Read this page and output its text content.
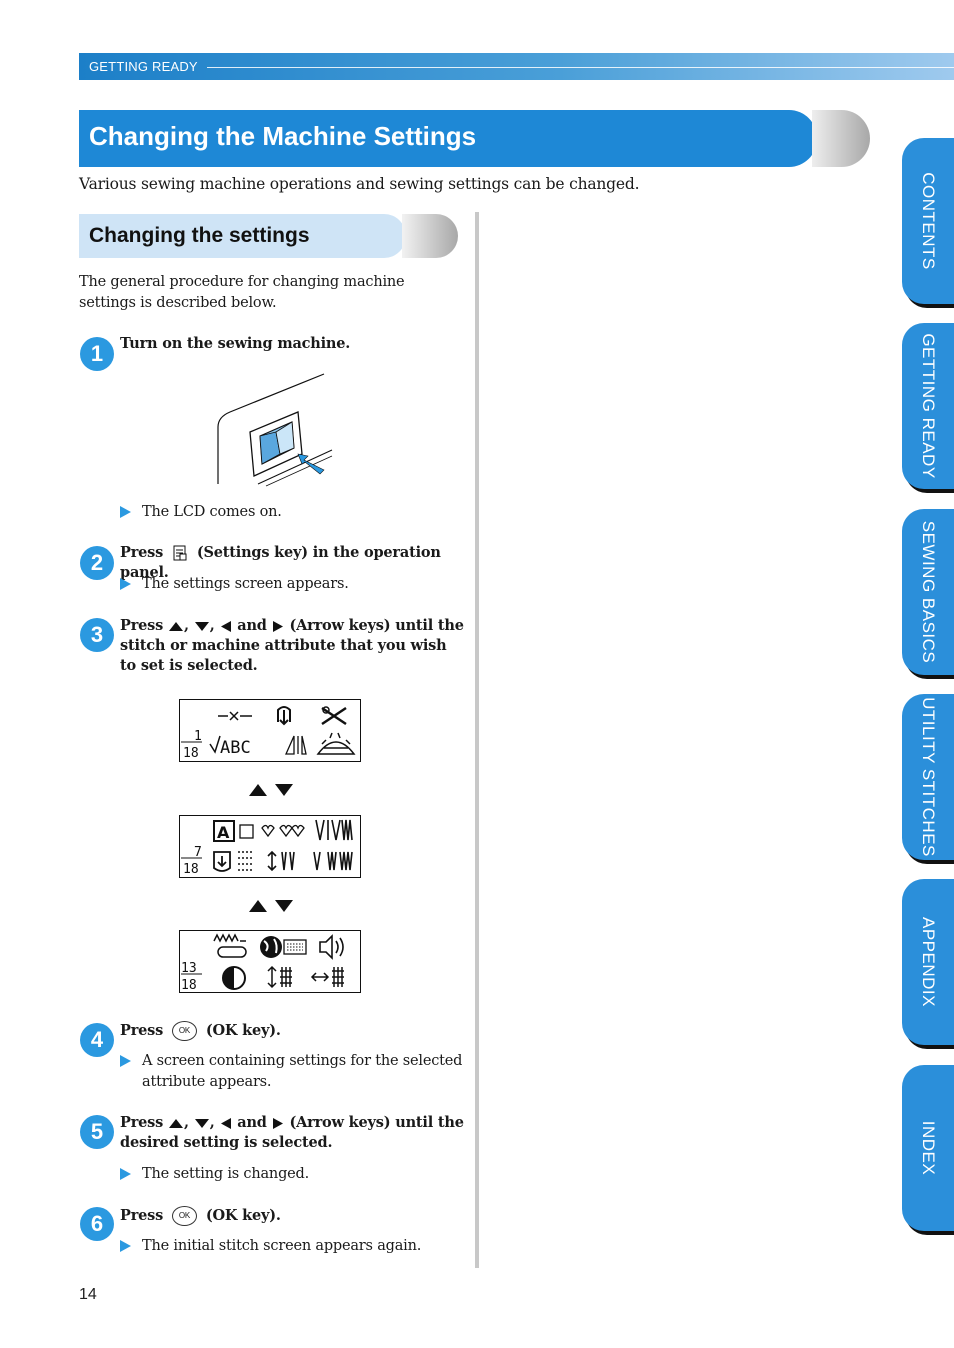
GETTING READY
Changing the Machine Settings
Various sewing machine operations and sewing settings can be changed.
Changing the settings
The general procedure for changing machine settings is described below.
1	Turn on the sewing machine.
The LCD comes on.
2	Press (Settings key) in the operation panel.
The settings screen appears.
3	Press , , and (Arrow keys) until the stitch or machine attribute that you wish to set is selected.
1
18 ABC
7
18
A
13
18
4	Press OK (OK key).
A screen containing settings for the selected attribute appears.
5	Press , , and (Arrow keys) until the desired setting is selected.
The setting is changed.
6	Press OK (OK key).
The initial stitch screen appears again.
CONTENTS
GETTING READY
SEWING BASICS
UTILITY STITCHES
APPENDIX
INDEX
14
